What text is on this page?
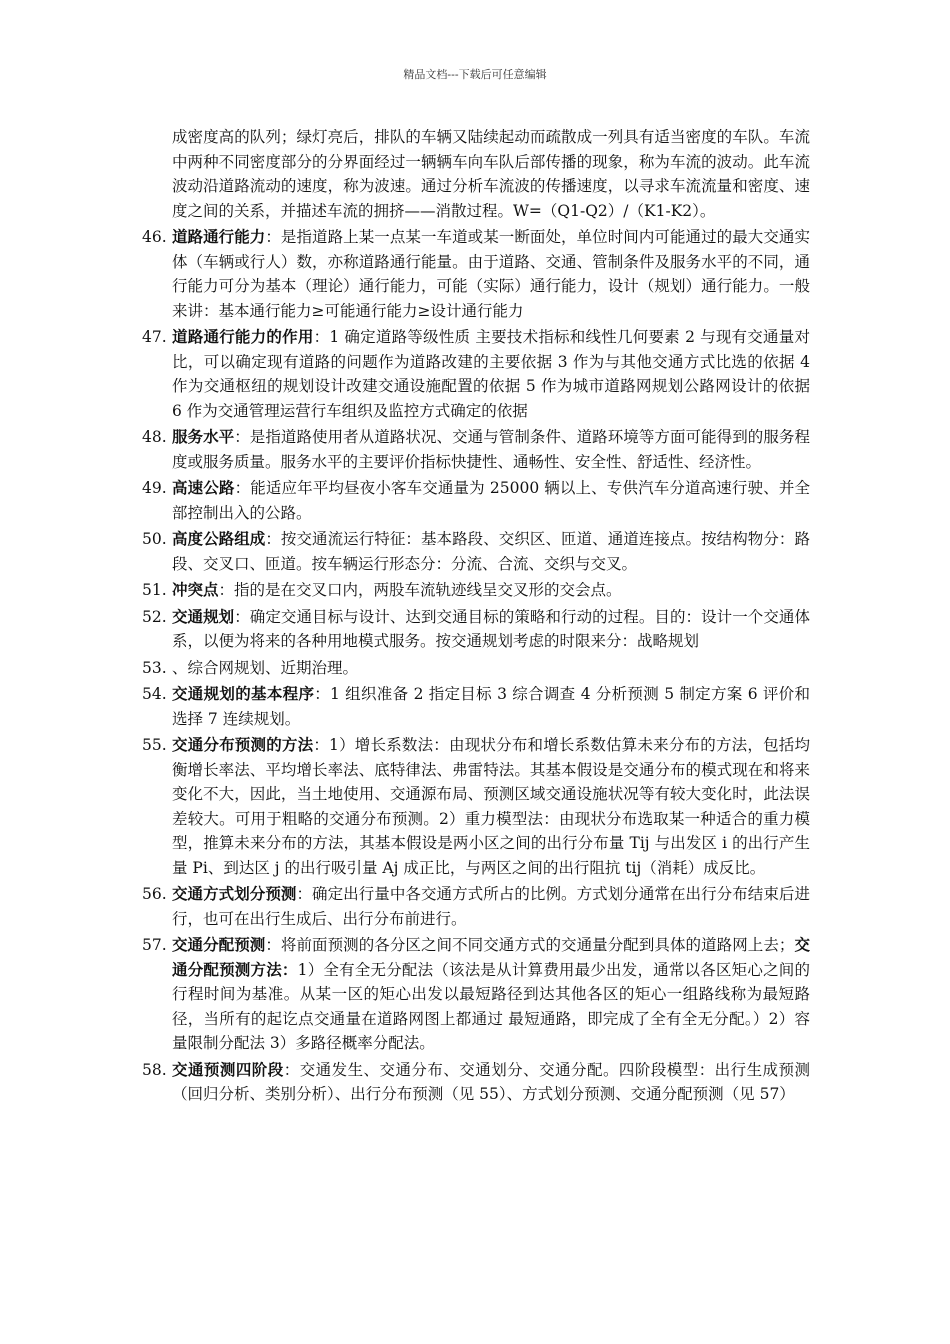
精品文档---下载后可任意编辑
成密度高的队列；绿灯亮后，排队的车辆又陆续起动而疏散成一列具有适当密度的车队。车流中两种不同密度部分的分界面经过一辆辆车向车队后部传播的现象，称为车流的波动。此车流波动沿道路流动的速度，称为波速。通过分析车流波的传播速度，以寻求车流流量和密度、速度之间的关系，并描述车流的拥挤——消散过程。W=（Q1-Q2）/（K1-K2）。
46. 道路通行能力：是指道路上某一点某一车道或某一断面处，单位时间内可能通过的最大交通实体（车辆或行人）数，亦称道路通行能量。由于道路、交通、管制条件及服务水平的不同，通行能力可分为基本（理论）通行能力，可能（实际）通行能力，设计（规划）通行能力。一般来讲：基本通行能力≥可能通行能力≥设计通行能力
47. 道路通行能力的作用：1 确定道路等级性质 主要技术指标和线性几何要素 2 与现有交通量对比，可以确定现有道路的问题作为道路改建的主要依据 3 作为与其他交通方式比选的依据 4 作为交通枢纽的规划设计改建交通设施配置的依据 5 作为城市道路网规划公路网设计的依据 6 作为交通管理运营行车组织及监控方式确定的依据
48. 服务水平：是指道路使用者从道路状况、交通与管制条件、道路环境等方面可能得到的服务程度或服务质量。服务水平的主要评价指标快捷性、通畅性、安全性、舒适性、经济性。
49. 高速公路：能适应年平均昼夜小客车交通量为 25000 辆以上、专供汽车分道高速行驶、并全部控制出入的公路。
50. 高度公路组成：按交通流运行特征：基本路段、交织区、匝道、通道连接点。按结构物分：路段、交叉口、匝道。按车辆运行形态分：分流、合流、交织与交叉。
51. 冲突点：指的是在交叉口内，两股车流轨迹线呈交叉形的交会点。
52. 交通规划：确定交通目标与设计、达到交通目标的策略和行动的过程。目的：设计一个交通体系，以便为将来的各种用地模式服务。按交通规划考虑的时限来分：战略规划
53. 、综合网规划、近期治理。
54. 交通规划的基本程序：1 组织准备 2 指定目标 3 综合调查 4 分析预测 5 制定方案 6 评价和选择 7 连续规划。
55. 交通分布预测的方法：1）增长系数法：由现状分布和增长系数估算未来分布的方法，包括均衡增长率法、平均增长率法、底特律法、弗雷特法。其基本假设是交通分布的模式现在和将来变化不大，因此，当土地使用、交通源布局、预测区域交通设施状况等有较大变化时，此法误差较大。可用于粗略的交通分布预测。2）重力模型法：由现状分布选取某一种适合的重力模型，推算未来分布的方法，其基本假设是两小区之间的出行分布量 Tij 与出发区 i 的出行产生量 Pi、到达区 j 的出行吸引量 Aj 成正比，与两区之间的出行阻抗 tij（消耗）成反比。
56. 交通方式划分预测：确定出行量中各交通方式所占的比例。方式划分通常在出行分布结束后进行，也可在出行生成后、出行分布前进行。
57. 交通分配预测：将前面预测的各分区之间不同交通方式的交通量分配到具体的道路网上去；交通分配预测方法：1）全有全无分配法（该法是从计算费用最少出发，通常以各区矩心之间的行程时间为基准。从某一区的矩心出发以最短路径到达其他各区的矩心一组路线称为最短路径，当所有的起讫点交通量在道路网图上都通过 最短通路，即完成了全有全无分配。）2）容量限制分配法 3）多路径概率分配法。
58. 交通预测四阶段：交通发生、交通分布、交通划分、交通分配。四阶段模型：出行生成预测（回归分析、类别分析）、出行分布预测（见 55）、方式划分预测、交通分配预测（见 57）
